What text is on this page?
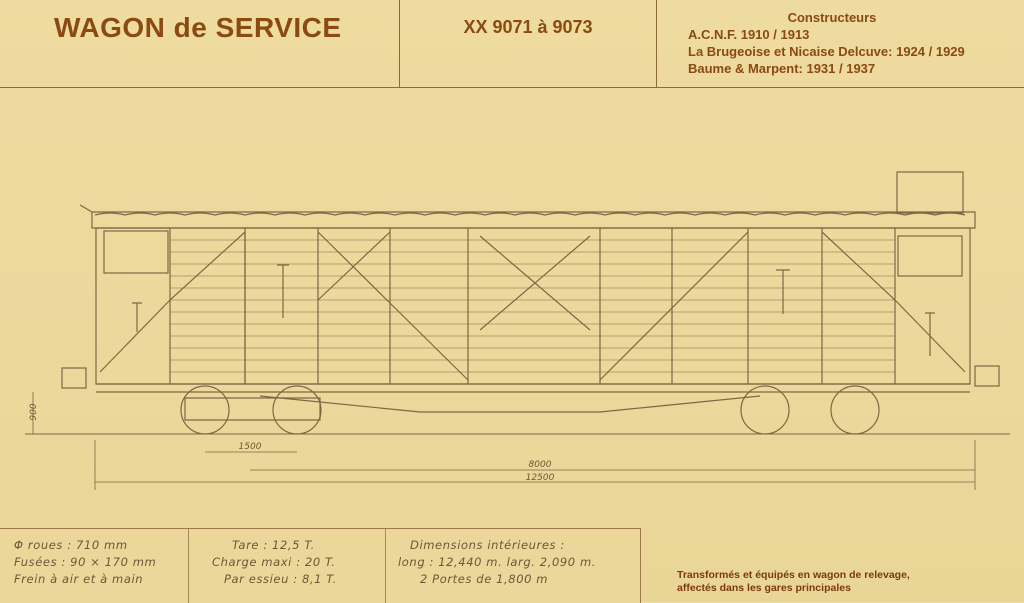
WAGON de SERVICE	XX 9071 à 9073	Constructeurs
A.C.N.F. 1910 / 1913
La Brugeoise et Nicaise Delcuve: 1924 / 1929
Baume & Marpent: 1931 / 1937
900
1500
8000
12500
Φ roues : 710 mm
Fusées : 90 × 170 mm
Frein à air et à main
Tare : 12,5 T.
Charge maxi : 20 T.
Par essieu : 8,1 T.
Dimensions intérieures :
long : 12,440 m. larg. 2,090 m.
2 Portes de 1,800 m	Transformés et équipés en wagon de relevage,
affectés dans les gares principales
